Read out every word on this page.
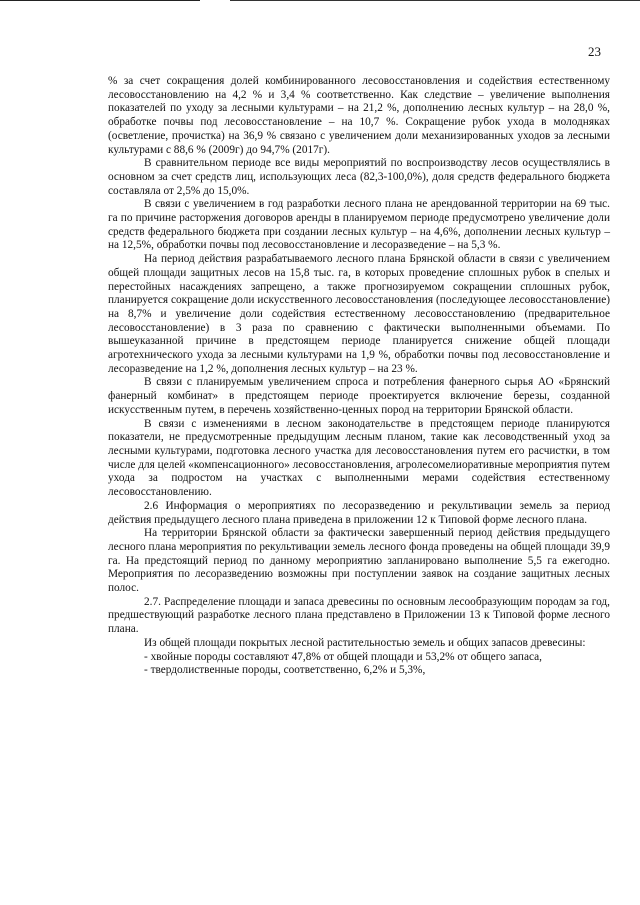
23

% за счет сокращения долей комбинированного лесовосстановления и содействия естественному лесовосстановлению на 4,2 % и 3,4 % соответственно. Как следствие – увеличение выполнения показателей по уходу за лесными культурами – на 21,2 %, дополнению лесных культур – на 28,0 %, обработке почвы под лесовосстановление – на 10,7 %. Сокращение рубок ухода в молодняках (осветление, прочистка) на 36,9 % связано с увеличением доли механизированных уходов за лесными культурами с 88,6 % (2009г) до 94,7% (2017г).

В сравнительном периоде все виды мероприятий по воспроизводству лесов осуществлялись в основном за счет средств лиц, использующих леса (82,3-100,0%), доля средств федерального бюджета составляла от 2,5% до 15,0%.

В связи с увеличением в год разработки лесного плана не арендованной территории на 69 тыс. га по причине расторжения договоров аренды в планируемом периоде предусмотрено увеличение доли средств федерального бюджета при создании лесных культур – на 4,6%, дополнении лесных культур – на 12,5%, обработки почвы под лесовосстановление и лесоразведение – на 5,3 %.

На период действия разрабатываемого лесного плана Брянской области в связи с увеличением общей площади защитных лесов на 15,8 тыс. га, в которых проведение сплошных рубок в спелых и перестойных насаждениях запрещено, а также прогнозируемом сокращении сплошных рубок, планируется сокращение доли искусственного лесовосстановления (последующее лесовосстановление) на 8,7% и увеличение доли содействия естественному лесовосстановлению (предварительное лесовосстановление) в 3 раза по сравнению с фактически выполненными объемами. По вышеуказанной причине в предстоящем периоде планируется снижение общей площади агротехнического ухода за лесными культурами на 1,9 %, обработки почвы под лесовосстановление и лесоразведение на 1,2 %, дополнения лесных культур – на 23 %.

В связи с планируемым увеличением спроса и потребления фанерного сырья АО «Брянский фанерный комбинат» в предстоящем периоде проектируется включение березы, созданной искусственным путем, в перечень хозяйственно-ценных пород на территории Брянской области.

В связи с изменениями в лесном законодательстве в предстоящем периоде планируются показатели, не предусмотренные предыдущим лесным планом, такие как лесоводственный уход за лесными культурами, подготовка лесного участка для лесовосстановления путем его расчистки, в том числе для целей «компенсационного» лесовосстановления, агролесомелиоративные мероприятия путем ухода за подростом на участках с выполненными мерами содействия естественному лесовосстановлению.

2.6 Информация о мероприятиях по лесоразведению и рекультивации земель за период действия предыдущего лесного плана приведена в приложении 12 к Типовой форме лесного плана.

На территории Брянской области за фактически завершенный период действия предыдущего лесного плана мероприятия по рекультивации земель лесного фонда проведены на общей площади 39,9 га. На предстоящий период по данному мероприятию запланировано выполнение 5,5 га ежегодно. Мероприятия по лесоразведению возможны при поступлении заявок на создание защитных лесных полос.

2.7. Распределение площади и запаса древесины по основным лесообразующим породам за год, предшествующий разработке лесного плана представлено в Приложении 13 к Типовой форме лесного плана.

Из общей площади покрытых лесной растительностью земель и общих запасов древесины:

- хвойные породы составляют 47,8% от общей площади и 53,2% от общего запаса,

- твердолиственные породы, соответственно, 6,2% и 5,3%,
